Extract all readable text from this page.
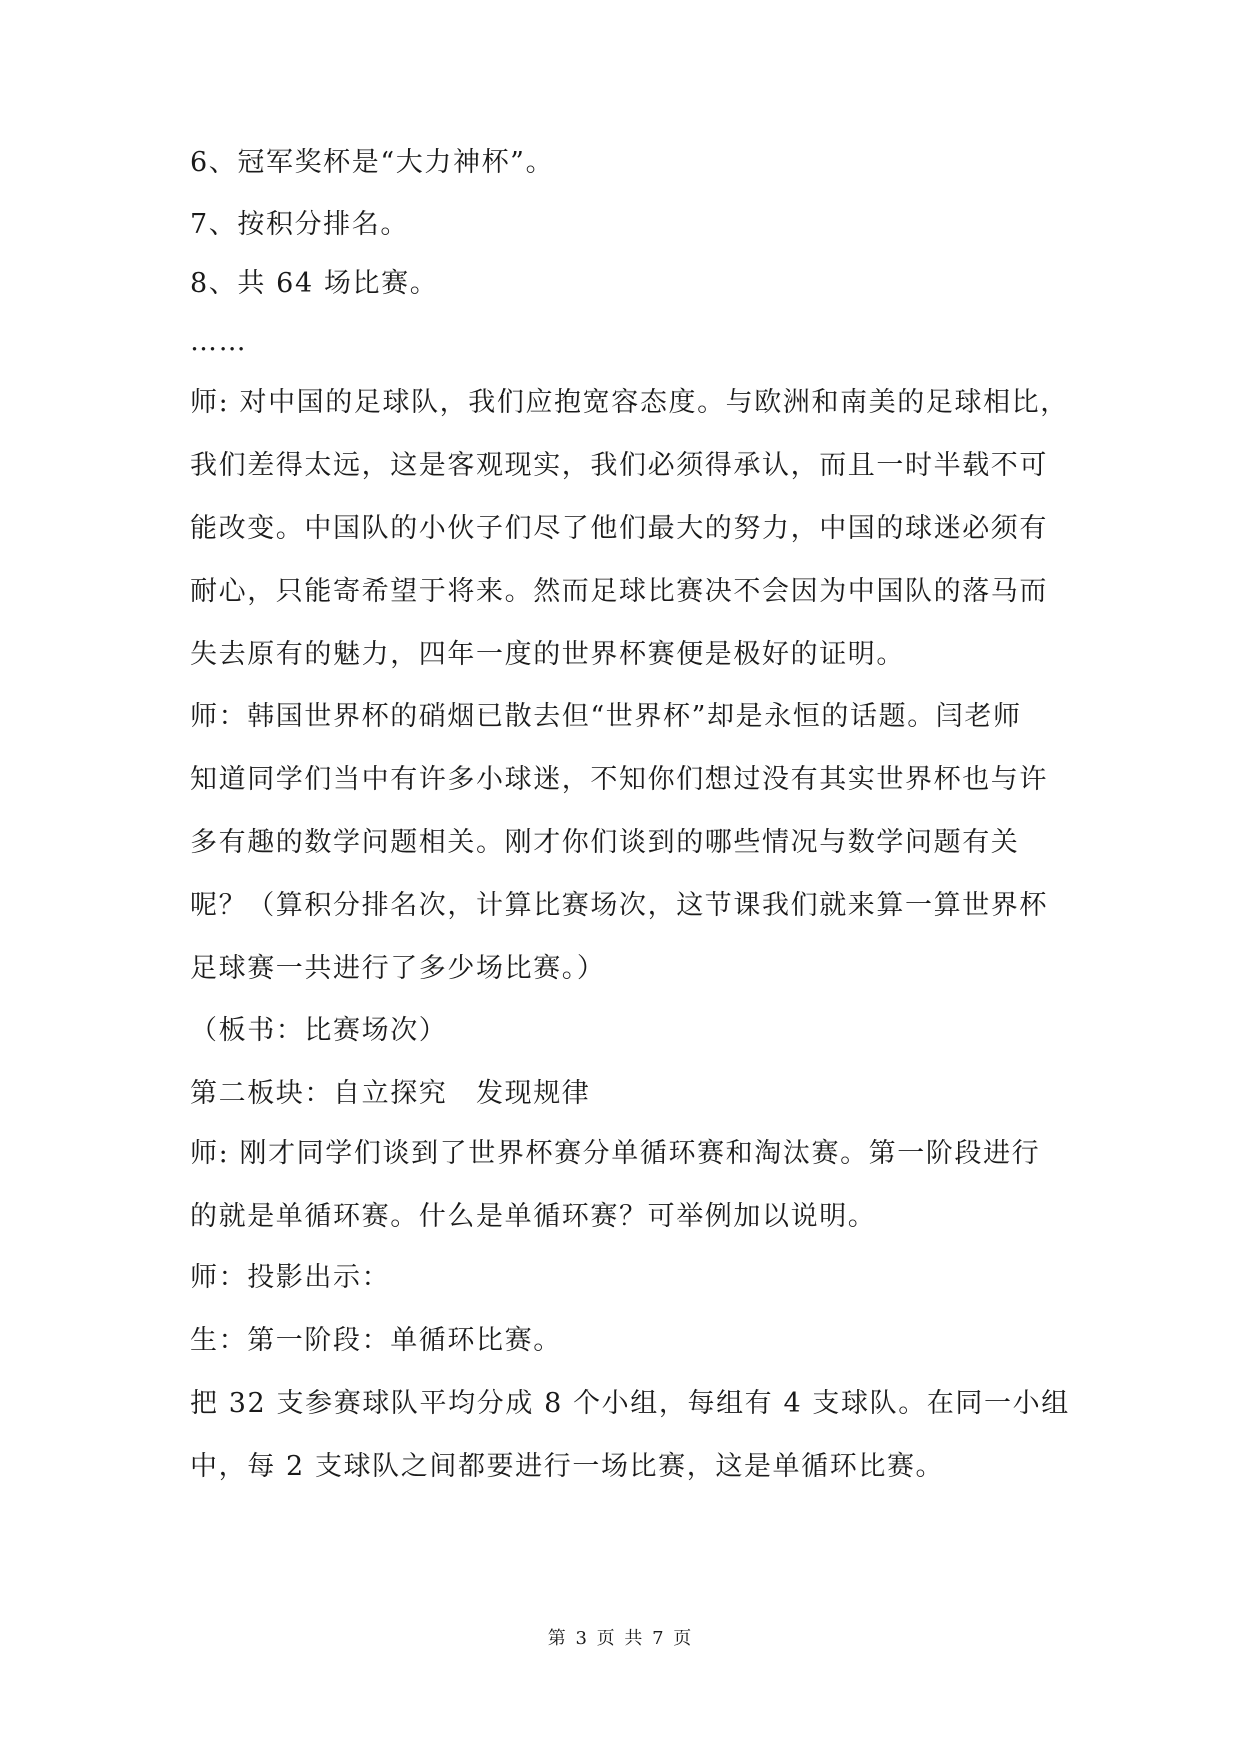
6、冠军奖杯是“大力神杯”。
7、按积分排名。
8、共 64 场比赛。
……
师: 对中国的足球队，我们应抱宽容态度。与欧洲和南美的足球相比，
我们差得太远，这是客观现实，我们必须得承认，而且一时半载不可
能改变。中国队的小伙子们尽了他们最大的努力，中国的球迷必须有
耐心，只能寄希望于将来。然而足球比赛决不会因为中国队的落马而
失去原有的魅力，四年一度的世界杯赛便是极好的证明。
师：韩国世界杯的硝烟已散去但“世界杯”却是永恒的话题。闫老师
知道同学们当中有许多小球迷，不知你们想过没有其实世界杯也与许
多有趣的数学问题相关。刚才你们谈到的哪些情况与数学问题有关
呢？（算积分排名次，计算比赛场次，这节课我们就来算一算世界杯
足球赛一共进行了多少场比赛。）
（板书：比赛场次）
第二板块：自立探究　发现规律
师: 刚才同学们谈到了世界杯赛分单循环赛和淘汰赛。第一阶段进行
的就是单循环赛。什么是单循环赛？可举例加以说明。
师：投影出示：
生：第一阶段：单循环比赛。
把 32 支参赛球队平均分成 8 个小组，每组有 4 支球队。在同一小组
中，每 2 支球队之间都要进行一场比赛，这是单循环比赛。
第 3 页 共 7 页
